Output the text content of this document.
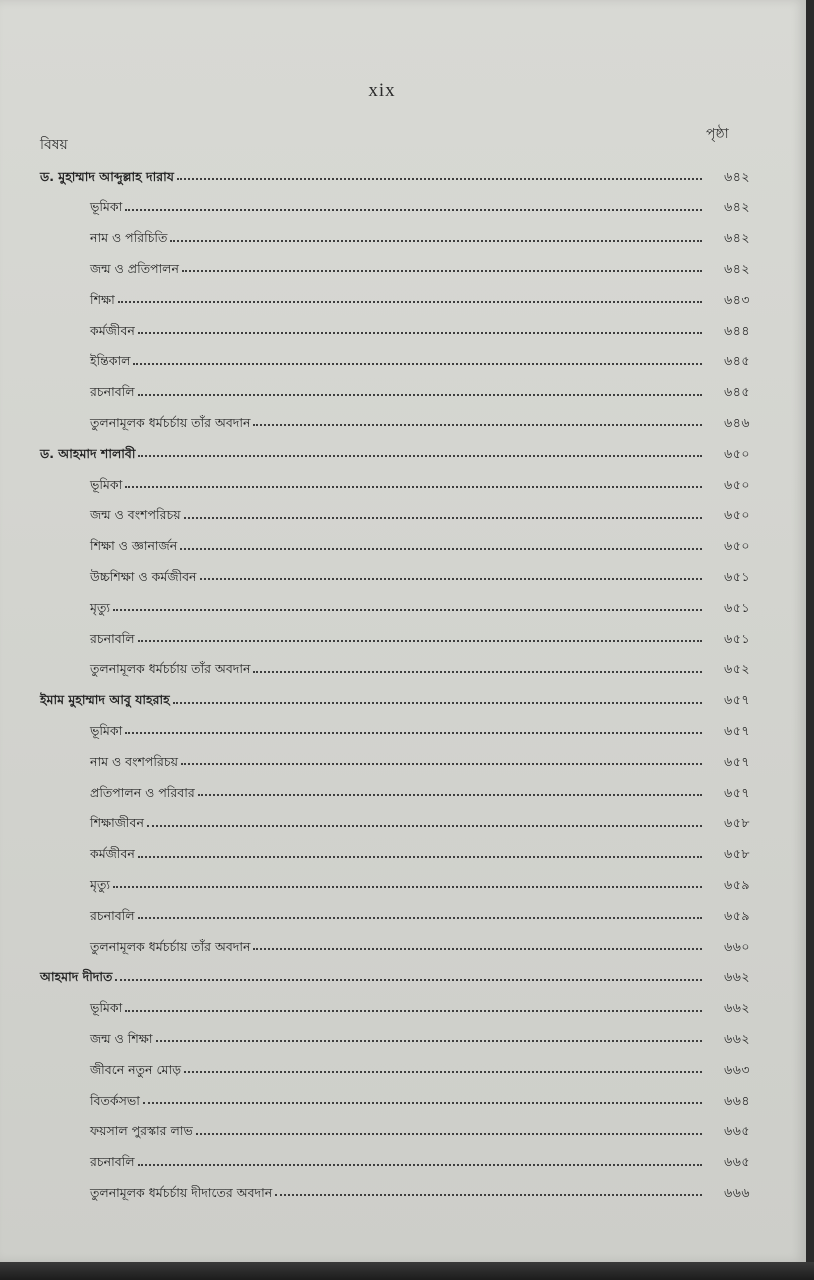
xix
বিষয়
পৃষ্ঠা
ড. মুহাম্মাদ আব্দুল্লাহ দারায	৬৪২
ভূমিকা	৬৪২
নাম ও পরিচিতি	৬৪২
জন্ম ও প্রতিপালন	৬৪২
শিক্ষা	৬৪৩
কর্মজীবন	৬৪৪
ইন্তিকাল	৬৪৫
রচনাবলি	৬৪৫
তুলনামূলক ধর্মচর্চায় তাঁর অবদান	৬৪৬
ড. আহমাদ শালাবী	৬৫০
ভূমিকা	৬৫০
জন্ম ও বংশপরিচয়	৬৫০
শিক্ষা ও জ্ঞানার্জন	৬৫০
উচ্চশিক্ষা ও কর্মজীবন	৬৫১
মৃত্যু	৬৫১
রচনাবলি	৬৫১
তুলনামূলক ধর্মচর্চায় তাঁর অবদান	৬৫২
ইমাম মুহাম্মাদ আবু যাহরাহ	৬৫৭
ভূমিকা	৬৫৭
নাম ও বংশপরিচয়	৬৫৭
প্রতিপালন ও পরিবার	৬৫৭
শিক্ষাজীবন	৬৫৮
কর্মজীবন	৬৫৮
মৃত্যু	৬৫৯
রচনাবলি	৬৫৯
তুলনামূলক ধর্মচর্চায় তাঁর অবদান	৬৬০
আহমাদ দীদাত	৬৬২
ভূমিকা	৬৬২
জন্ম ও শিক্ষা	৬৬২
জীবনে নতুন মোড়	৬৬৩
বিতর্কসভা	৬৬৪
ফয়সাল পুরস্কার লাভ	৬৬৫
রচনাবলি	৬৬৫
তুলনামূলক ধর্মচর্চায় দীদাতের অবদান	৬৬৬
